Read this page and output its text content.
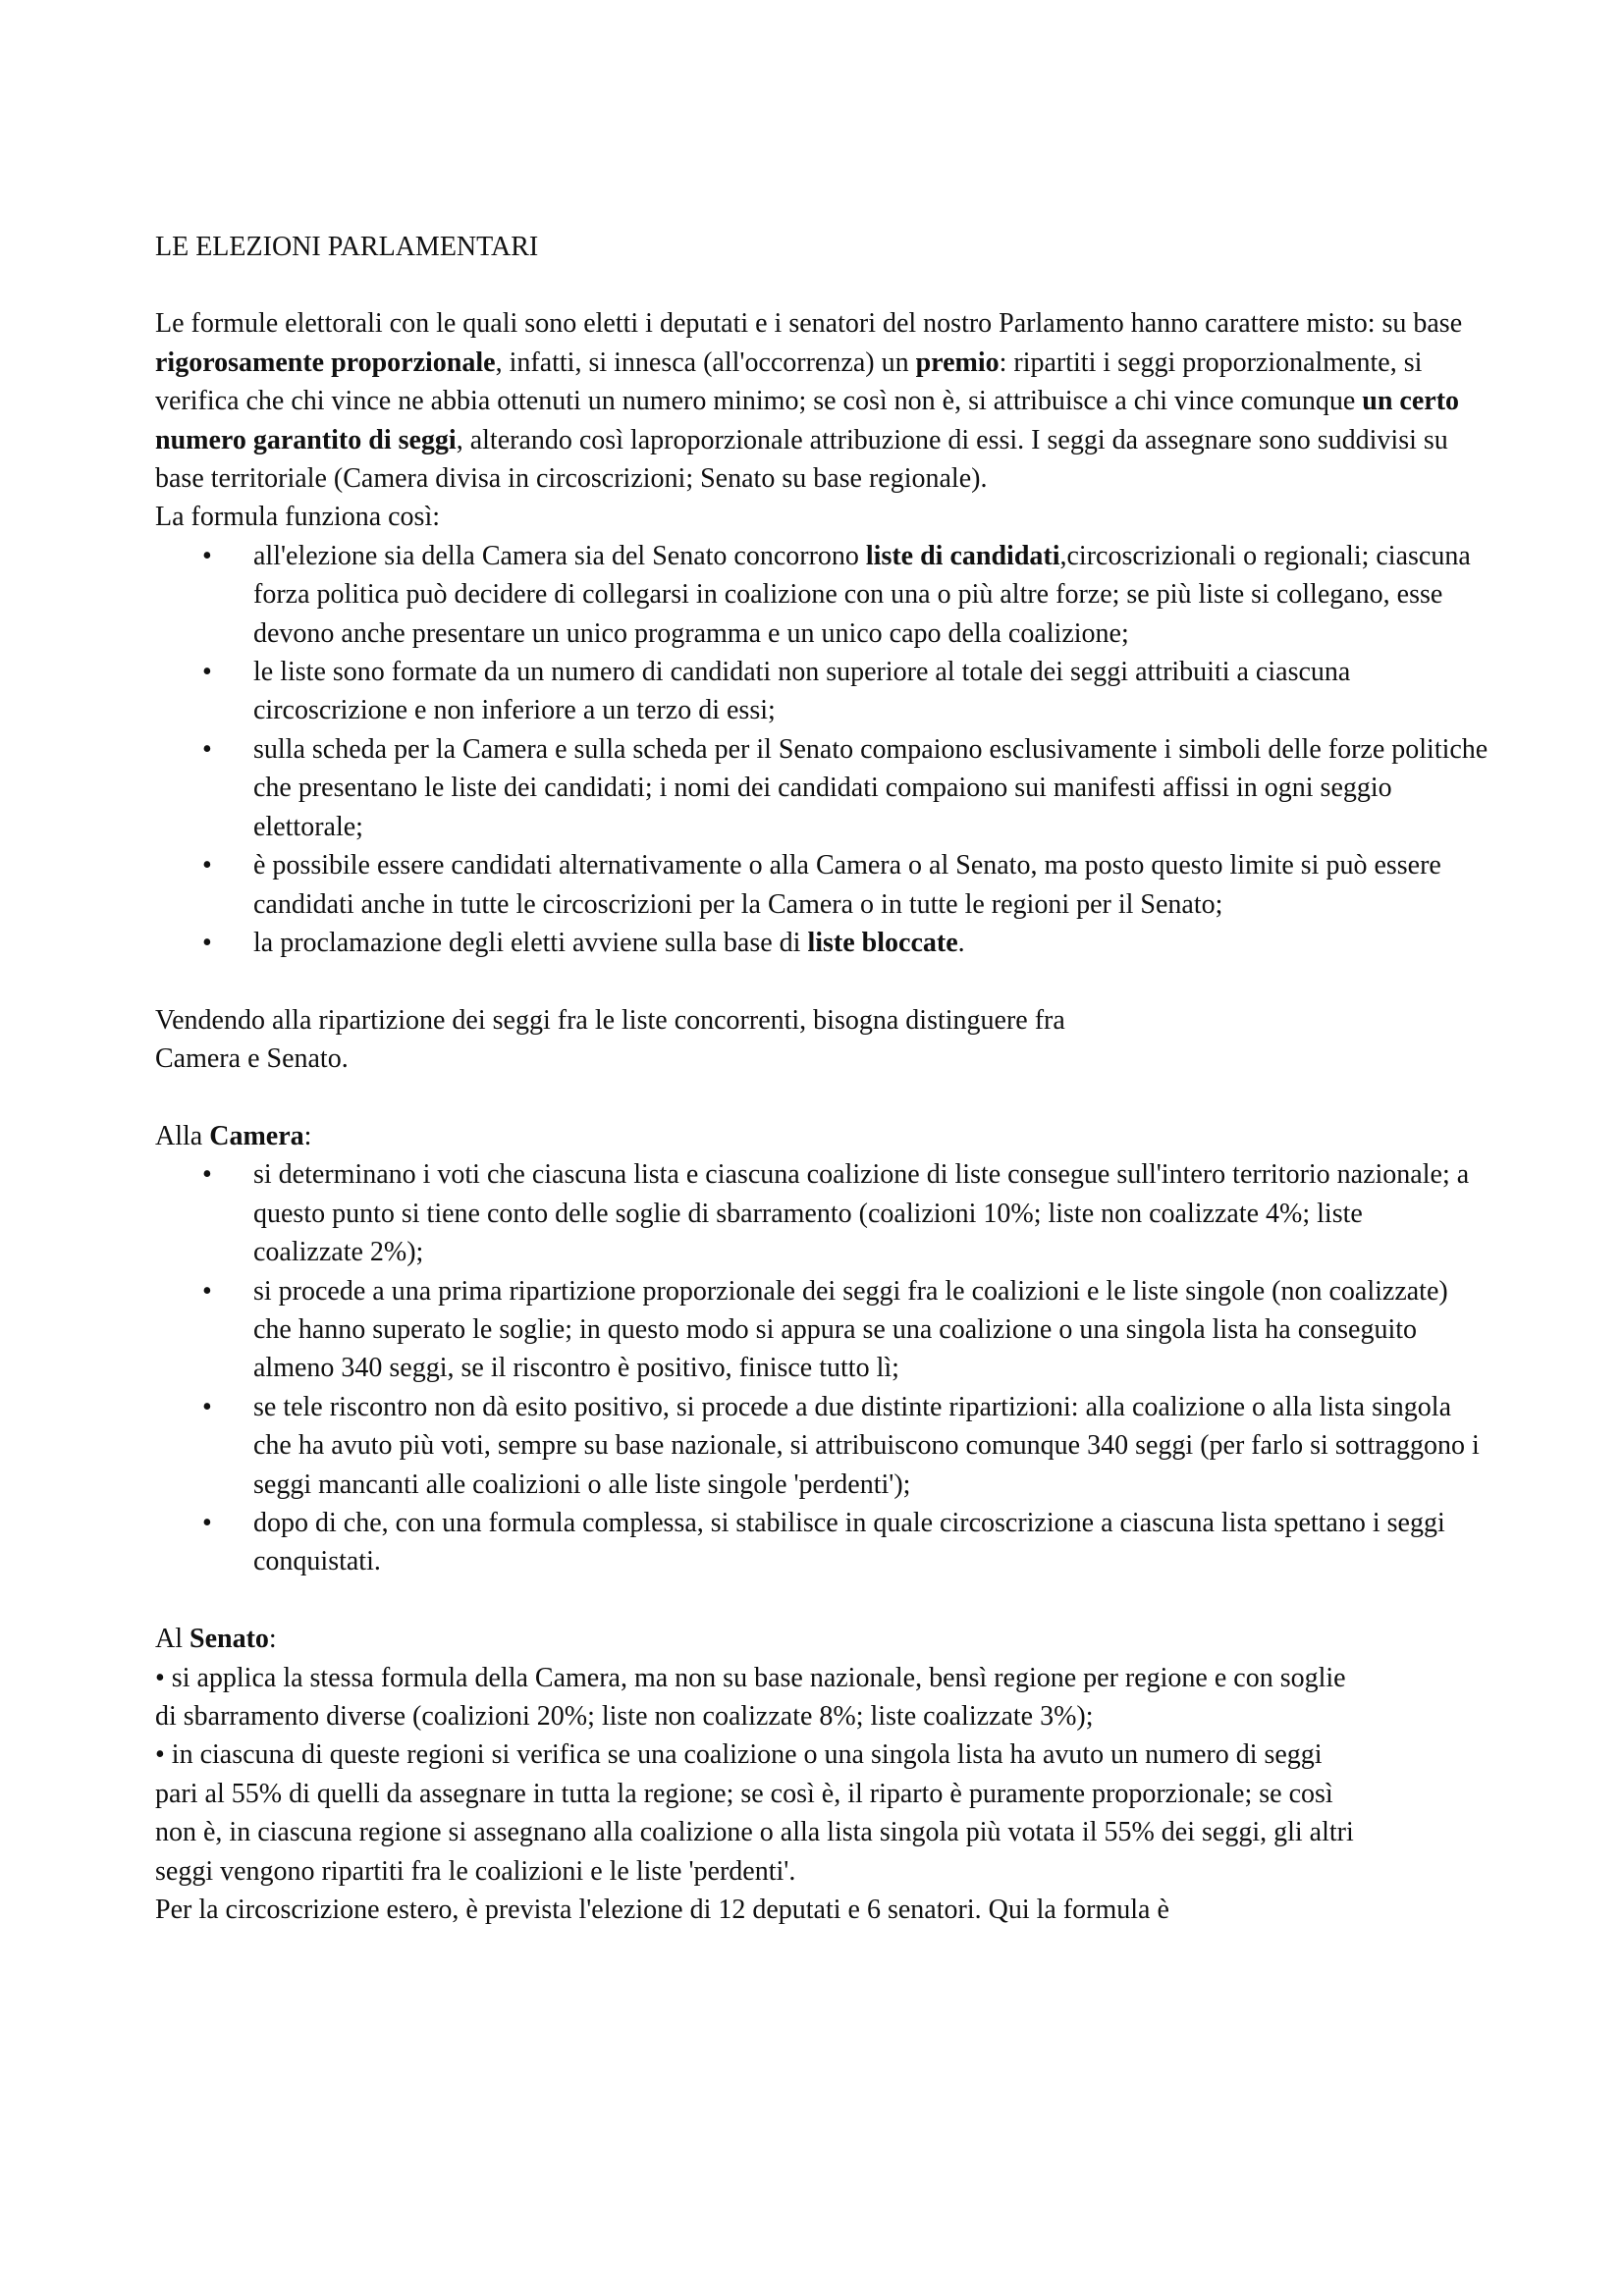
LE ELEZIONI PARLAMENTARI

Le formule elettorali con le quali sono eletti i deputati e i senatori del nostro Parlamento hanno carattere misto: su base rigorosamente proporzionale, infatti, si innesca (all'occorrenza) un premio: ripartiti i seggi proporzionalmente, si verifica che chi vince ne abbia ottenuti un numero minimo; se così non è, si attribuisce a chi vince comunque un certo numero garantito di seggi, alterando così laproporzionale attribuzione di essi. I seggi da assegnare sono suddivisi su base territoriale (Camera divisa in circoscrizioni; Senato su base regionale).

La formula funziona così:

• all'elezione sia della Camera sia del Senato concorrono liste di candidati,circoscrizionali o regionali; ciascuna forza politica può decidere di collegarsi in coalizione con una o più altre forze; se più liste si collegano, esse devono anche presentare un unico programma e un unico capo della coalizione;
• le liste sono formate da un numero di candidati non superiore al totale dei seggi attribuiti a ciascuna circoscrizione e non inferiore a un terzo di essi;
• sulla scheda per la Camera e sulla scheda per il Senato compaiono esclusivamente i simboli delle forze politiche che presentano le liste dei candidati; i nomi dei candidati compaiono sui manifesti affissi in ogni seggio elettorale;
• è possibile essere candidati alternativamente o alla Camera o al Senato, ma posto questo limite si può essere candidati anche in tutte le circoscrizioni per la Camera o in tutte le regioni per il Senato;
• la proclamazione degli eletti avviene sulla base di liste bloccate.

Vendendo alla ripartizione dei seggi fra le liste concorrenti, bisogna distinguere fra Camera e Senato.

Alla Camera:

• si determinano i voti che ciascuna lista e ciascuna coalizione di liste consegue sull'intero territorio nazionale; a questo punto si tiene conto delle soglie di sbarramento (coalizioni 10%; liste non coalizzate 4%; liste coalizzate 2%);
• si procede a una prima ripartizione proporzionale dei seggi fra le coalizioni e le liste singole (non coalizzate) che hanno superato le soglie; in questo modo si appura se una coalizione o una singola lista ha conseguito almeno 340 seggi, se il riscontro è positivo, finisce tutto lì;
• se tele riscontro non dà esito positivo, si procede a due distinte ripartizioni: alla coalizione o alla lista singola che ha avuto più voti, sempre su base nazionale, si attribuiscono comunque 340 seggi (per farlo si sottraggono i seggi mancanti alle coalizioni o alle liste singole 'perdenti');
• dopo di che, con una formula complessa, si stabilisce in quale circoscrizione a ciascuna lista spettano i seggi conquistati.

Al Senato:

• si applica la stessa formula della Camera, ma non su base nazionale, bensì regione per regione e con soglie di sbarramento diverse (coalizioni 20%; liste non coalizzate 8%; liste coalizzate 3%);

• in ciascuna di queste regioni si verifica se una coalizione o una singola lista ha avuto un numero di seggi pari al 55% di quelli da assegnare in tutta la regione; se così è, il riparto è puramente proporzionale; se così non è, in ciascuna regione si assegnano alla coalizione o alla lista singola più votata il 55% dei seggi, gli altri seggi vengono ripartiti fra le coalizioni e le liste 'perdenti'.

Per la circoscrizione estero, è prevista l'elezione di 12 deputati e 6 senatori. Qui la formula è
